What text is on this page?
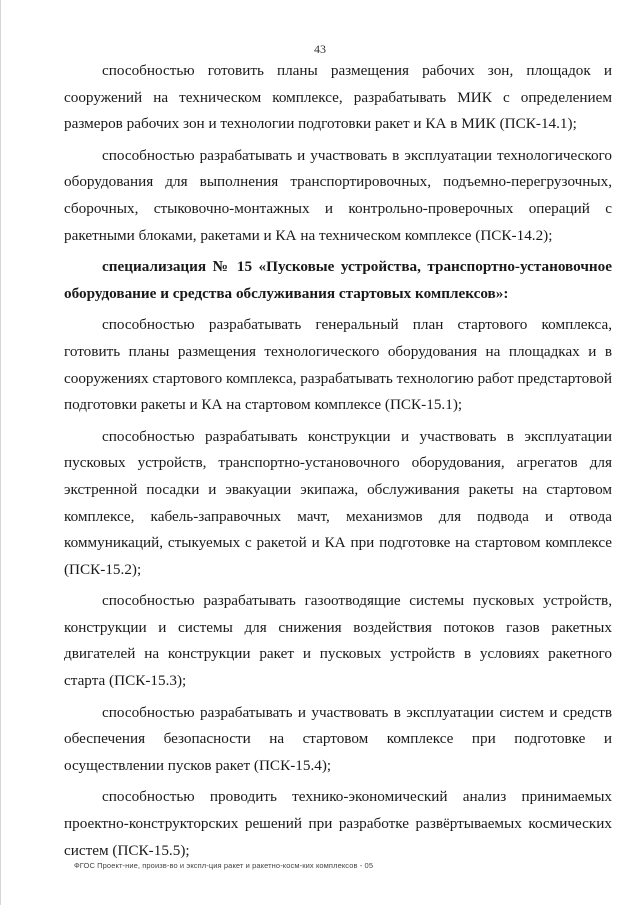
43

способностью готовить планы размещения рабочих зон, площадок и сооружений на техническом комплексе, разрабатывать МИК с определением размеров рабочих зон и технологии подготовки ракет и КА в МИК (ПСК-14.1);

способностью разрабатывать и участвовать в эксплуатации технологического оборудования для выполнения транспортировочных, подъемно-перегрузочных, сборочных, стыковочно-монтажных и контрольно-проверочных операций с ракетными блоками, ракетами и КА на техническом комплексе (ПСК-14.2);

специализация № 15 «Пусковые устройства, транспортно-установочное оборудование и средства обслуживания стартовых комплексов»:

способностью разрабатывать генеральный план стартового комплекса, готовить планы размещения технологического оборудования на площадках и в сооружениях стартового комплекса, разрабатывать технологию работ предстартовой подготовки ракеты и КА на стартовом комплексе (ПСК-15.1);

способностью разрабатывать конструкции и участвовать в эксплуатации пусковых устройств, транспортно-установочного оборудования, агрегатов для экстренной посадки и эвакуации экипажа, обслуживания ракеты на стартовом комплексе, кабель-заправочных мачт, механизмов для подвода и отвода коммуникаций, стыкуемых с ракетой и КА при подготовке на стартовом комплексе (ПСК-15.2);

способностью разрабатывать газоотводящие системы пусковых устройств, конструкции и системы для снижения воздействия потоков газов ракетных двигателей на конструкции ракет и пусковых устройств в условиях ракетного старта (ПСК-15.3);

способностью разрабатывать и участвовать в эксплуатации систем и средств обеспечения безопасности на стартовом комплексе при подготовке и осуществлении пусков ракет (ПСК-15.4);

способностью проводить технико-экономический анализ принимаемых проектно-конструкторских решений при разработке развёртываемых космических систем (ПСК-15.5);

ФГОС Проект-ние, произв-во и экспл-ция ракет и ракетно-косм-ких комплексов - 05
